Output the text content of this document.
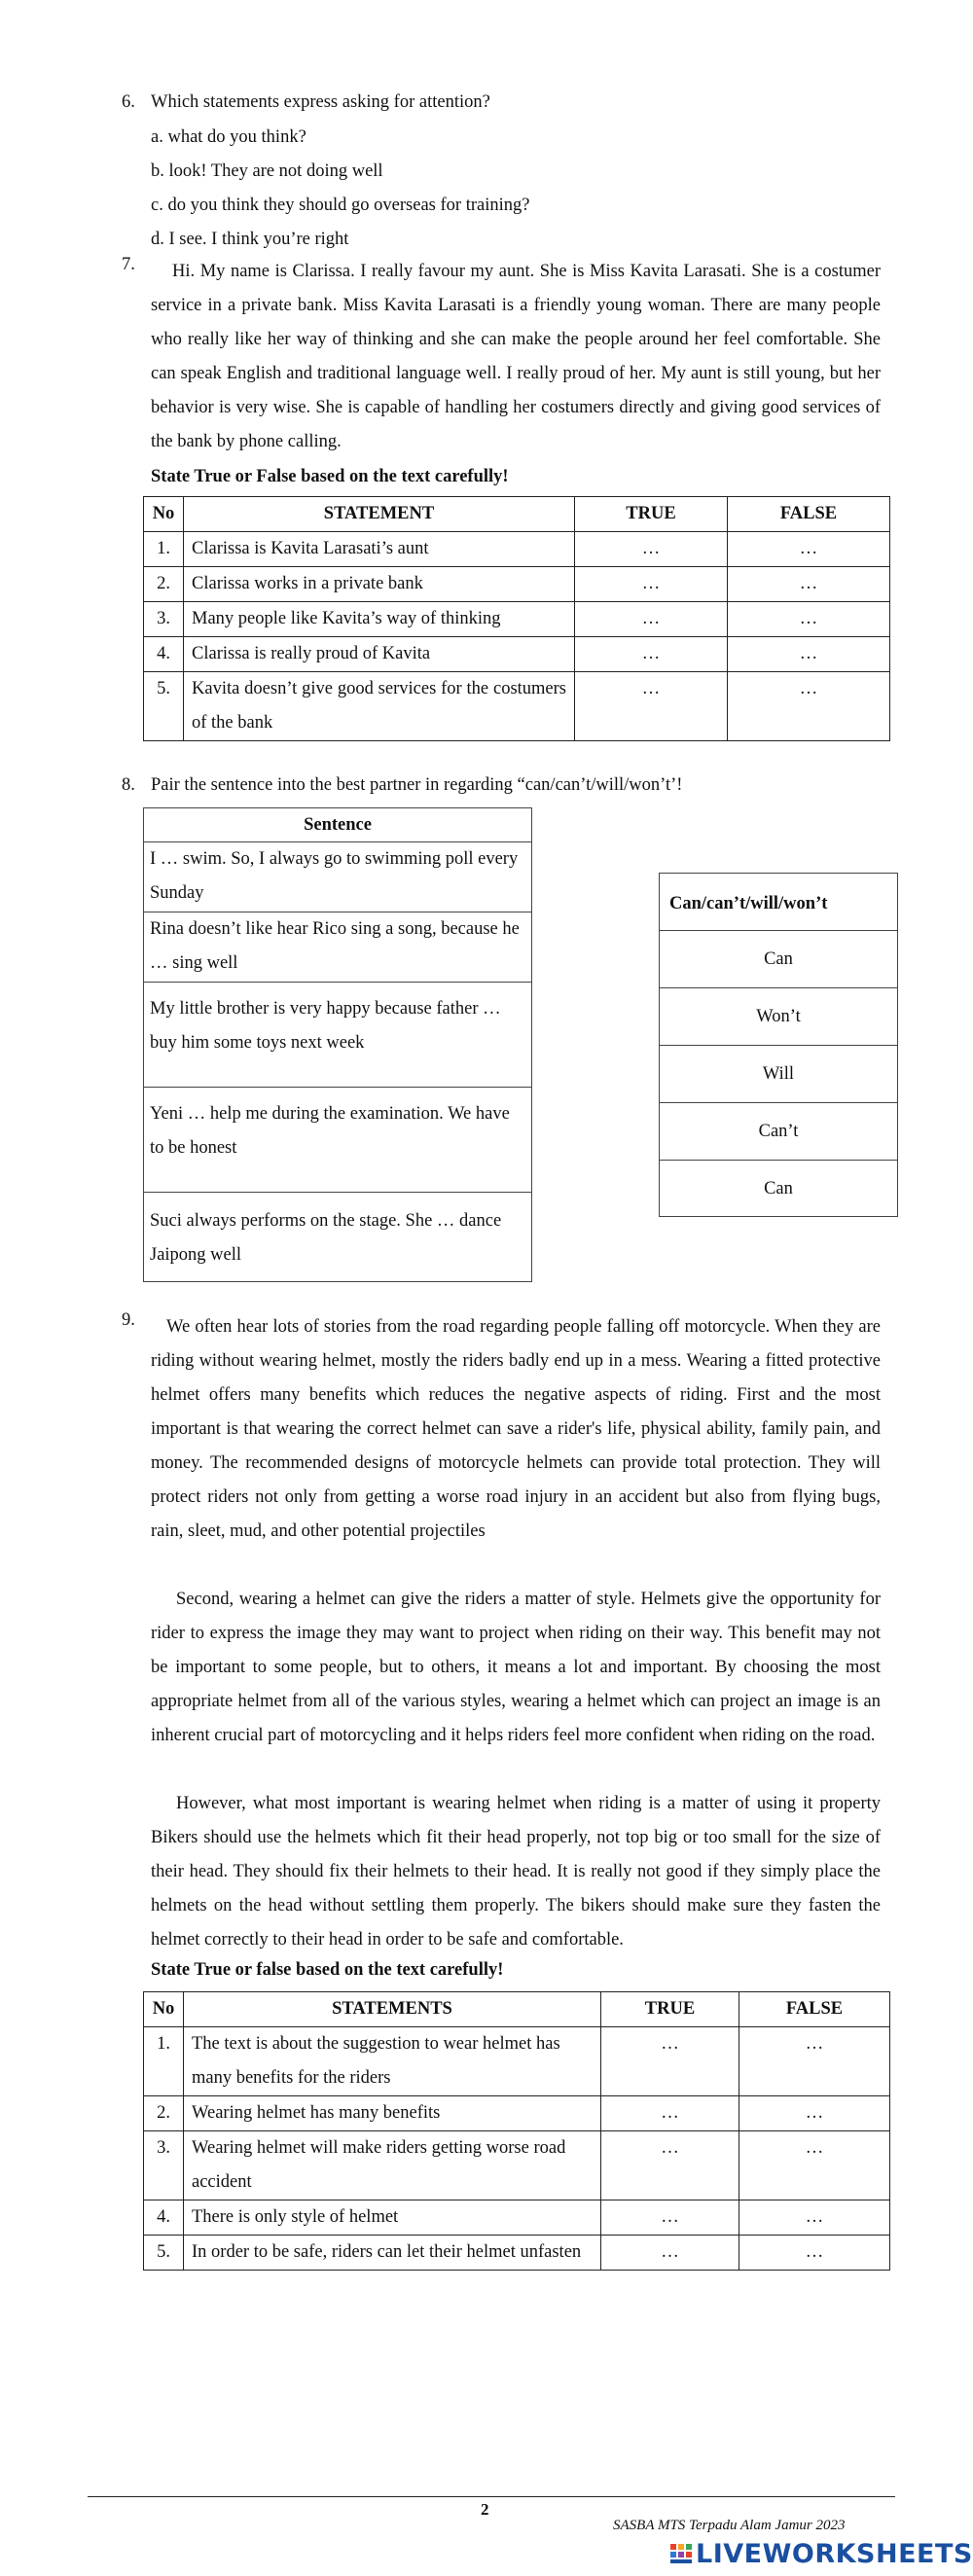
6. Which statements express asking for attention?
a. what do you think?
b. look! They are not doing well
c. do you think they should go overseas for training?
d. I see. I think you’re right
7.	Hi. My name is Clarissa. I really favour my aunt. She is Miss Kavita Larasati. She is a costumer service in a private bank. Miss Kavita Larasati is a friendly young woman. There are many people who really like her way of thinking and she can make the people around her feel comfortable. She can speak English and traditional language well. I really proud of her. My aunt is still young, but her behavior is very wise. She is capable of handling her costumers directly and giving good services of the bank by phone calling.
State True or False based on the text carefully!
No	STATEMENT	TRUE	FALSE
1.	Clarissa is Kavita Larasati’s aunt	…	…
2.	Clarissa works in a private bank	…	…
3.	Many people like Kavita’s way of thinking	…	…
4.	Clarissa is really proud of Kavita	…	…
5.	Kavita doesn’t give good services for the costumers of the bank	…	…
8. Pair the sentence into the best partner in regarding “can/can’t/will/won’t’!
Sentence
I … swim. So, I always go to swimming poll every Sunday
Rina doesn’t like hear Rico sing a song, because he … sing well
My little brother is very happy because father … buy him some toys next week
Yeni … help me during the examination. We have to be honest
Suci always performs on the stage. She … dance Jaipong well
Can/can’t/will/won’t
Can
Won’t
Will
Can’t
Can
9.	We often hear lots of stories from the road regarding people falling off motorcycle. When they are riding without wearing helmet, mostly the riders badly end up in a mess. Wearing a fitted protective helmet offers many benefits which reduces the negative aspects of riding. First and the most important is that wearing the correct helmet can save a rider's life, physical ability, family pain, and money. The recommended designs of motorcycle helmets can provide total protection. They will protect riders not only from getting a worse road injury in an accident but also from flying bugs, rain, sleet, mud, and other potential projectiles
Second, wearing a helmet can give the riders a matter of style. Helmets give the opportunity for rider to express the image they may want to project when riding on their way. This benefit may not be important to some people, but to others, it means a lot and important. By choosing the most appropriate helmet from all of the various styles, wearing a helmet which can project an image is an inherent crucial part of motorcycling and it helps riders feel more confident when riding on the road.
However, what most important is wearing helmet when riding is a matter of using it property Bikers should use the helmets which fit their head properly, not top big or too small for the size of their head. They should fix their helmets to their head. It is really not good if they simply place the helmets on the head without settling them properly. The bikers should make sure they fasten the helmet correctly to their head in order to be safe and comfortable.
State True or false based on the text carefully!
No	STATEMENTS	TRUE	FALSE
1.	The text is about the suggestion to wear helmet has many benefits for the riders	…	…
2.	Wearing helmet has many benefits	…	…
3.	Wearing helmet will make riders getting worse road accident	…	…
4.	There is only style of helmet	…	…
5.	In order to be safe, riders can let their helmet unfasten	…	…
2
SASBA MTS Terpadu Alam Jamur 2023
LIVEWORKSHEETS
